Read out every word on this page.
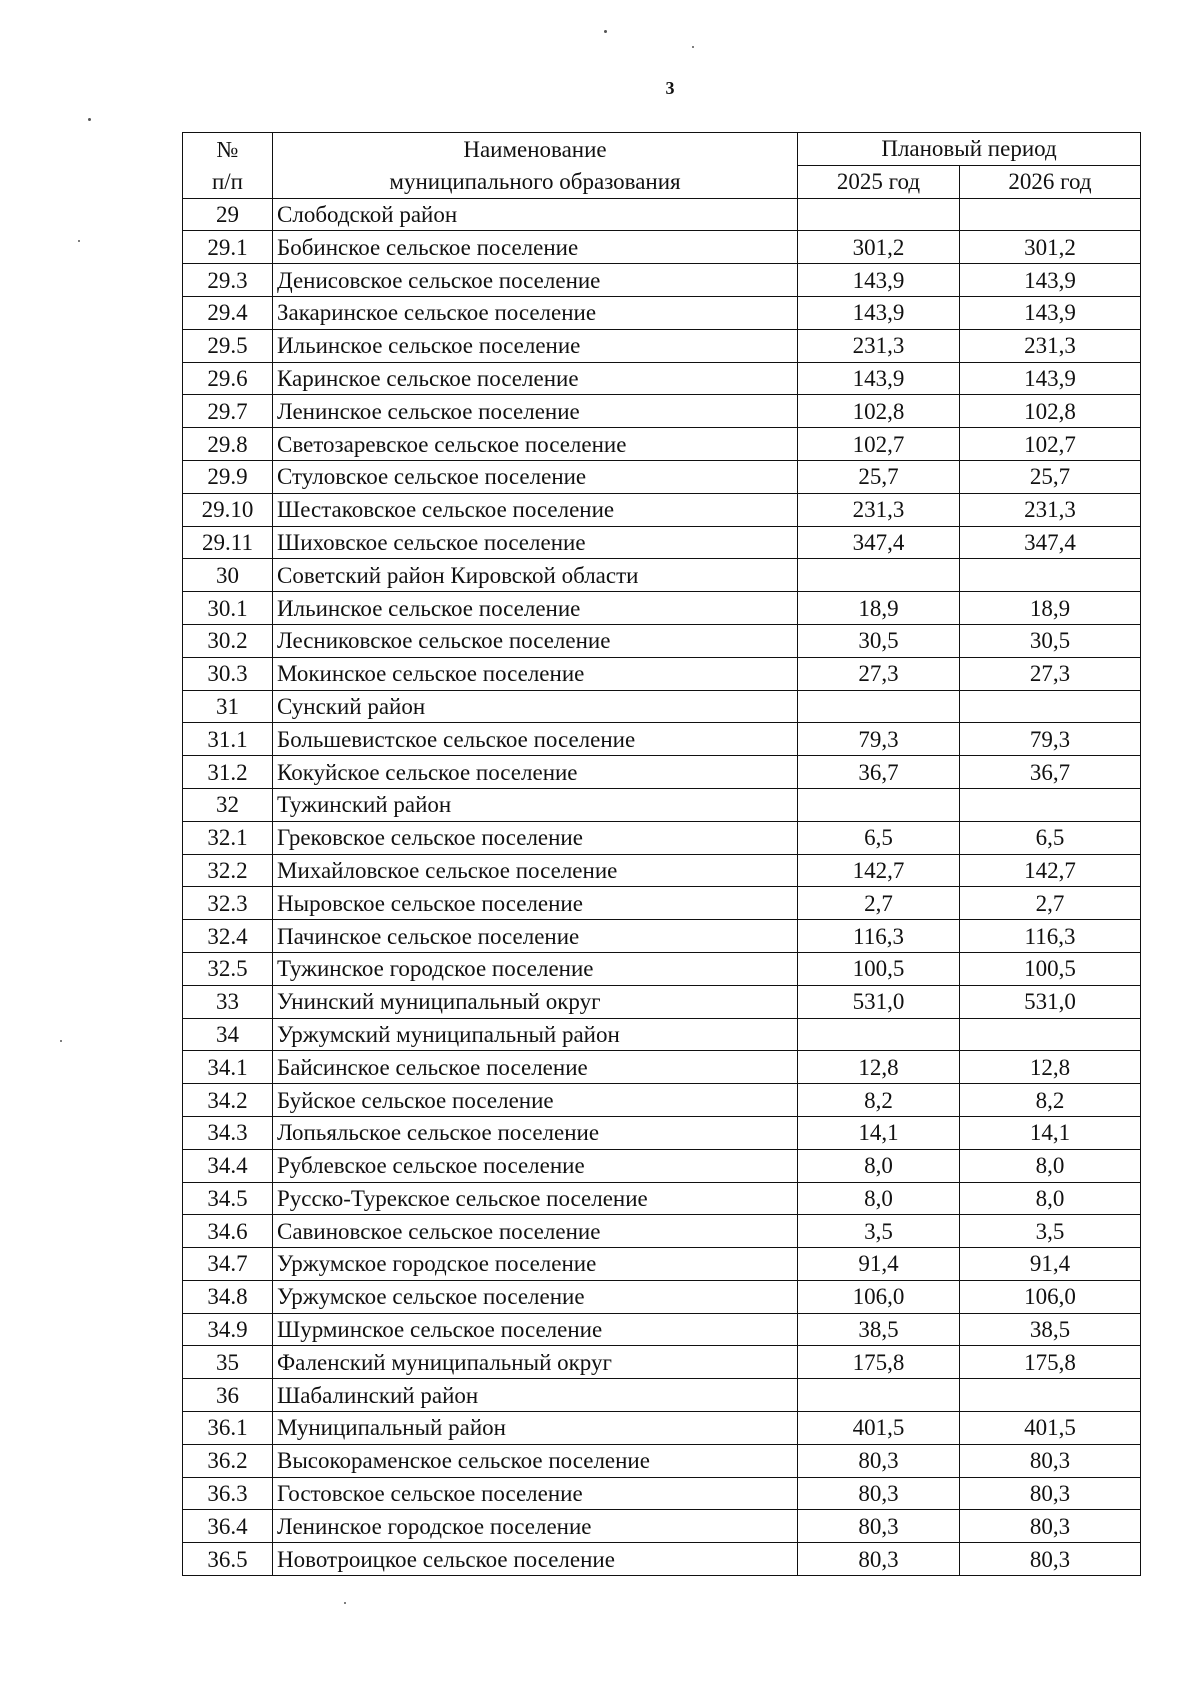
3
№	Наименование	Плановый период	
п/п	муниципального образования	2025 год	2026 год
29	Слободской район		
29.1	Бобинское сельское поселение	301,2	301,2
29.3	Денисовское сельское поселение	143,9	143,9
29.4	Закаринское сельское поселение	143,9	143,9
29.5	Ильинское сельское поселение	231,3	231,3
29.6	Каринское сельское поселение	143,9	143,9
29.7	Ленинское сельское поселение	102,8	102,8
29.8	Светозаревское сельское поселение	102,7	102,7
29.9	Стуловское сельское поселение	25,7	25,7
29.10	Шестаковское сельское поселение	231,3	231,3
29.11	Шиховское сельское поселение	347,4	347,4
30	Советский район Кировской области		
30.1	Ильинское сельское поселение	18,9	18,9
30.2	Лесниковское сельское поселение	30,5	30,5
30.3	Мокинское сельское поселение	27,3	27,3
31	Сунский район		
31.1	Большевистское сельское поселение	79,3	79,3
31.2	Кокуйское сельское поселение	36,7	36,7
32	Тужинский район		
32.1	Грековское сельское поселение	6,5	6,5
32.2	Михайловское сельское поселение	142,7	142,7
32.3	Ныровское сельское поселение	2,7	2,7
32.4	Пачинское сельское поселение	116,3	116,3
32.5	Тужинское городское поселение	100,5	100,5
33	Унинский муниципальный округ	531,0	531,0
34	Уржумский муниципальный район		
34.1	Байсинское сельское поселение	12,8	12,8
34.2	Буйское сельское поселение	8,2	8,2
34.3	Лопьяльское сельское поселение	14,1	14,1
34.4	Рублевское сельское поселение	8,0	8,0
34.5	Русско-Турекское сельское поселение	8,0	8,0
34.6	Савиновское сельское поселение	3,5	3,5
34.7	Уржумское городское поселение	91,4	91,4
34.8	Уржумское сельское поселение	106,0	106,0
34.9	Шурминское сельское поселение	38,5	38,5
35	Фаленский муниципальный округ	175,8	175,8
36	Шабалинский район		
36.1	Муниципальный район	401,5	401,5
36.2	Высокораменское сельское поселение	80,3	80,3
36.3	Гостовское сельское поселение	80,3	80,3
36.4	Ленинское городское поселение	80,3	80,3
36.5	Новотроицкое сельское поселение	80,3	80,3
